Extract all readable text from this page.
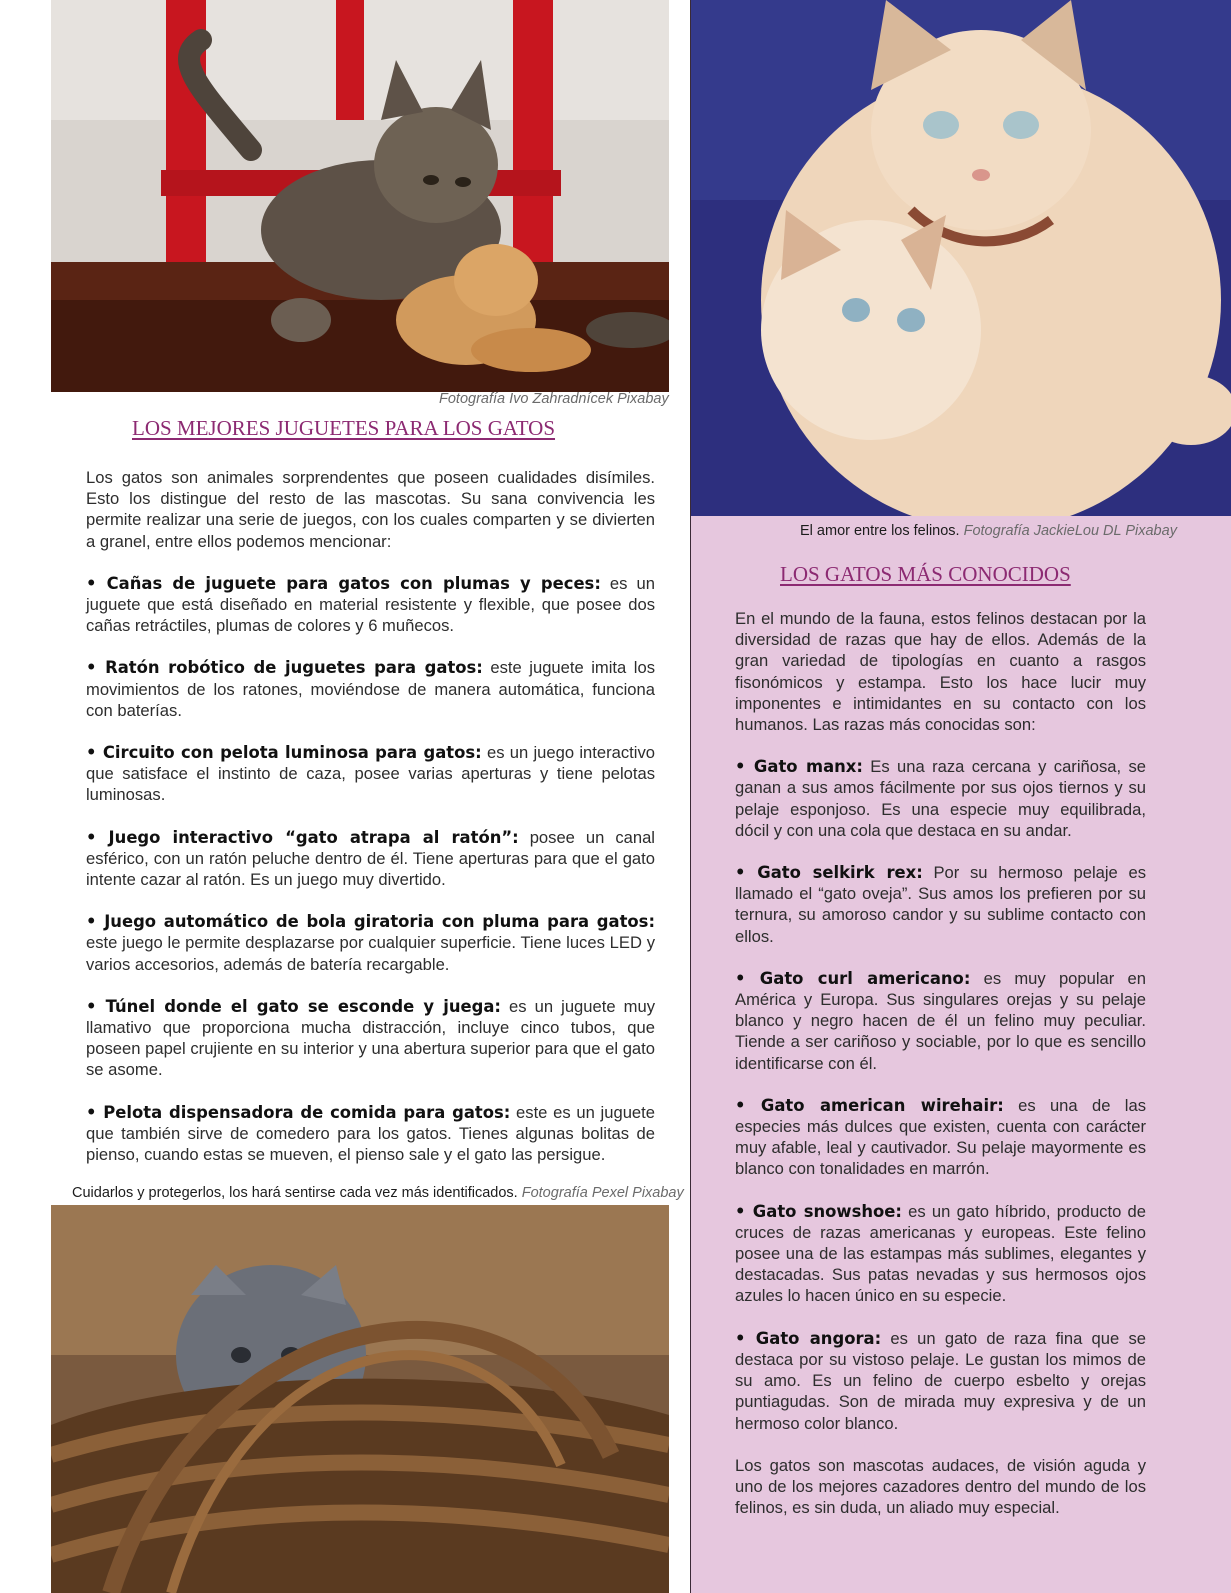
Fotografía Ivo Zahradnícek Pixabay
LOS MEJORES JUGUETES PARA LOS GATOS

Los gatos son animales sorprendentes que poseen cualidades disímiles. Esto los distingue del resto de las mascotas. Su sana convivencia les permite realizar una serie de juegos, con los cuales comparten y se divierten a granel, entre ellos podemos mencionar:

• Cañas de juguete para gatos con plumas y peces: es un juguete que está diseñado en material resistente y flexible, que posee dos cañas retráctiles, plumas de colores y 6 muñecos.

• Ratón robótico de juguetes para gatos: este juguete imita los movimientos de los ratones, moviéndose de manera automática, funciona con baterías.

• Circuito con pelota luminosa para gatos: es un juego interactivo que satisface el instinto de caza, posee varias aperturas y tiene pelotas luminosas.

• Juego interactivo “gato atrapa al ratón”: posee un canal esférico, con un ratón peluche dentro de él. Tiene aperturas para que el gato intente cazar al ratón. Es un juego muy divertido.

• Juego automático de bola giratoria con pluma para gatos: este juego le permite desplazarse por cualquier superficie. Tiene luces LED y varios accesorios, además de batería recargable.

• Túnel donde el gato se esconde y juega: es un juguete muy llamativo que proporciona mucha distracción, incluye cinco tubos, que poseen papel crujiente en su interior y una abertura superior para que el gato se asome.

• Pelota dispensadora de comida para gatos: este es un juguete que también sirve de comedero para los gatos. Tienes algunas bolitas de pienso, cuando estas se mueven, el pienso sale y el gato las persigue.

Cuidarlos y protegerlos, los hará sentirse cada vez más identificados. Fotografía Pexel Pixabay
El amor entre los felinos. Fotografía JackieLou DL Pixabay
LOS GATOS MÁS CONOCIDOS

En el mundo de la fauna, estos felinos destacan por la diversidad de razas que hay de ellos. Además de la gran variedad de tipologías en cuanto a rasgos fisonómicos y estampa. Esto los hace lucir muy imponentes e intimidantes en su contacto con los humanos. Las razas más conocidas son:

• Gato manx: Es una raza cercana y cariñosa, se ganan a sus amos fácilmente por sus ojos tiernos y su pelaje esponjoso. Es una especie muy equilibrada, dócil y con una cola que destaca en su andar.

• Gato selkirk rex: Por su hermoso pelaje es llamado el “gato oveja”. Sus amos los prefieren por su ternura, su amoroso candor y su sublime contacto con ellos.

• Gato curl americano: es muy popular en América y Europa. Sus singulares orejas y su pelaje blanco y negro hacen de él un felino muy peculiar. Tiende a ser cariñoso y sociable, por lo que es sencillo identificarse con él.

• Gato american wirehair: es una de las especies más dulces que existen, cuenta con carácter muy afable, leal y cautivador. Su pelaje mayormente es blanco con tonalidades en marrón.

• Gato snowshoe: es un gato híbrido, producto de cruces de razas americanas y europeas. Este felino posee una de las estampas más sublimes, elegantes y destacadas. Sus patas nevadas y sus hermosos ojos azules lo hacen único en su especie.

• Gato angora: es un gato de raza fina que se destaca por su vistoso pelaje. Le gustan los mimos de su amo. Es un felino de cuerpo esbelto y orejas puntiagudas. Son de mirada muy expresiva y de un hermoso color blanco.

Los gatos son mascotas audaces, de visión aguda y uno de los mejores cazadores dentro del mundo de los felinos, es sin duda, un aliado muy especial.
